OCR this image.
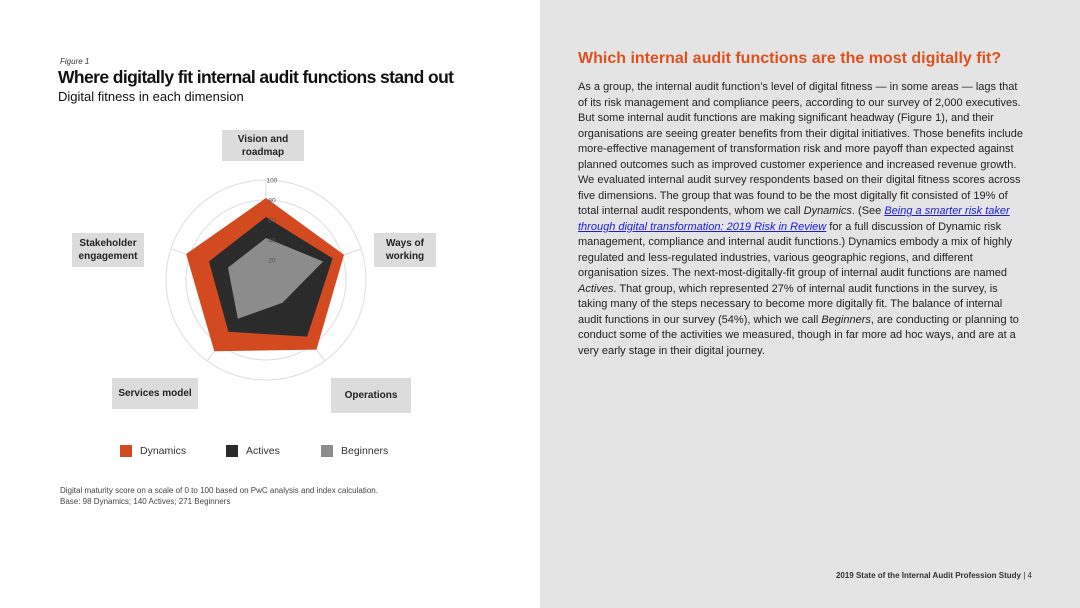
Figure 1
Where digitally fit internal audit functions stand out
Digital fitness in each dimension
20
40
60
80
100
Vision and roadmap
Ways of working
Operations
Services model
Stakeholder engagement
Dynamics	Actives	Beginners
Digital maturity score on a scale of 0 to 100 based on PwC analysis and index calculation.
Base: 98 Dynamics; 140 Actives; 271 Beginners
Which internal audit functions are the most digitally fit?

As a group, the internal audit function’s level of digital fitness — in some areas — lags that of its risk management and compliance peers, according to our survey of 2,000 executives. But some internal audit functions are making significant headway (Figure 1), and their organisations are seeing greater benefits from their digital initiatives. Those benefits include more-effective management of transformation risk and more payoff than expected against planned outcomes such as improved customer experience and increased revenue growth.

We evaluated internal audit survey respondents based on their digital fitness scores across five dimensions. The group that was found to be the most digitally fit consisted of 19% of total internal audit respondents, whom we call Dynamics. (See Being a smarter risk taker through digital transformation: 2019 Risk in Review for a full discussion of Dynamic risk management, compliance and internal audit functions.) Dynamics embody a mix of highly regulated and less-regulated industries, various geographic regions, and different organisation sizes. The next-most-digitally-fit group of internal audit functions are named Actives. That group, which represented 27% of internal audit functions in the survey, is taking many of the steps necessary to become more digitally fit. The balance of internal audit functions in our survey (54%), which we call Beginners, are conducting or planning to conduct some of the activities we measured, though in far more ad hoc ways, and are at a very early stage in their digital journey.

2019 State of the Internal Audit Profession Study | 4
